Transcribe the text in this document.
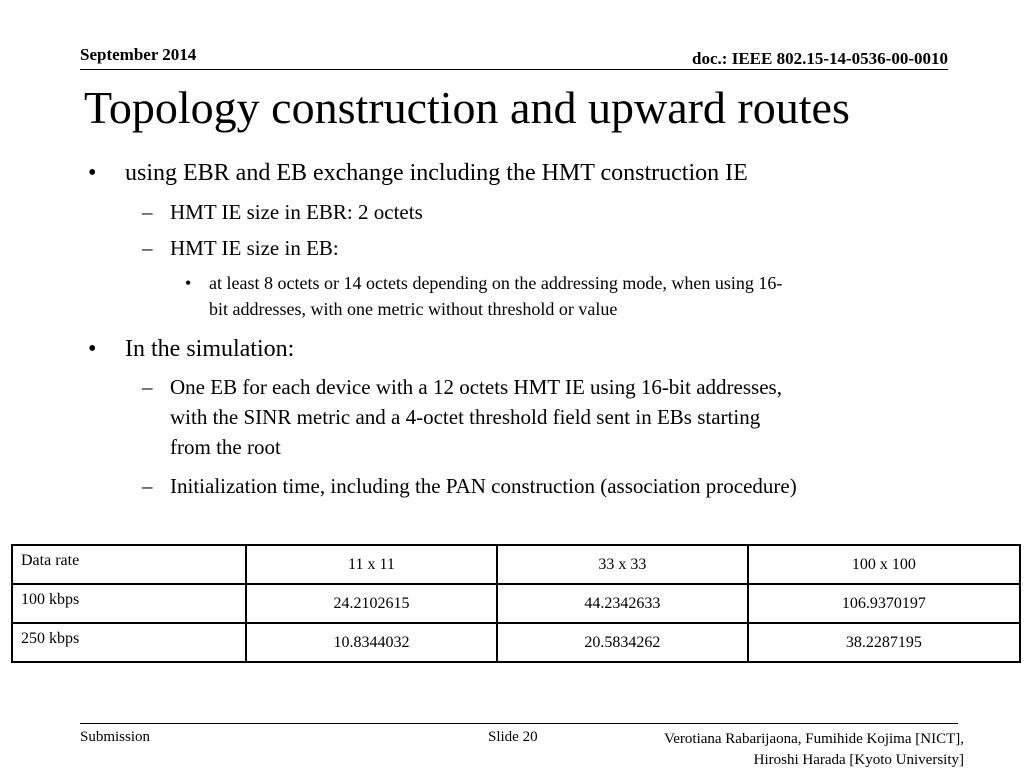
September 2014	doc.: IEEE 802.15-14-0536-00-0010
Topology construction and upward routes
• using EBR and EB exchange including the HMT construction IE
– HMT IE size in EBR: 2 octets
– HMT IE size in EB:
• at least 8 octets or 14 octets depending on the addressing mode, when using 16-
bit addresses, with one metric without threshold or value
• In the simulation:
– One EB for each device with a 12 octets HMT IE using 16-bit addresses,
with the SINR metric and a 4-octet threshold field sent in EBs starting
from the root
– Initialization time, including the PAN construction (association procedure)
Data rate	11 x 11	33 x 33	100 x 100
100 kbps	24.2102615	44.2342633	106.9370197
250 kbps	10.8344032	20.5834262	38.2287195
Submission	Slide 20	Verotiana Rabarijaona, Fumihide Kojima [NICT],
Hiroshi Harada [Kyoto University]
